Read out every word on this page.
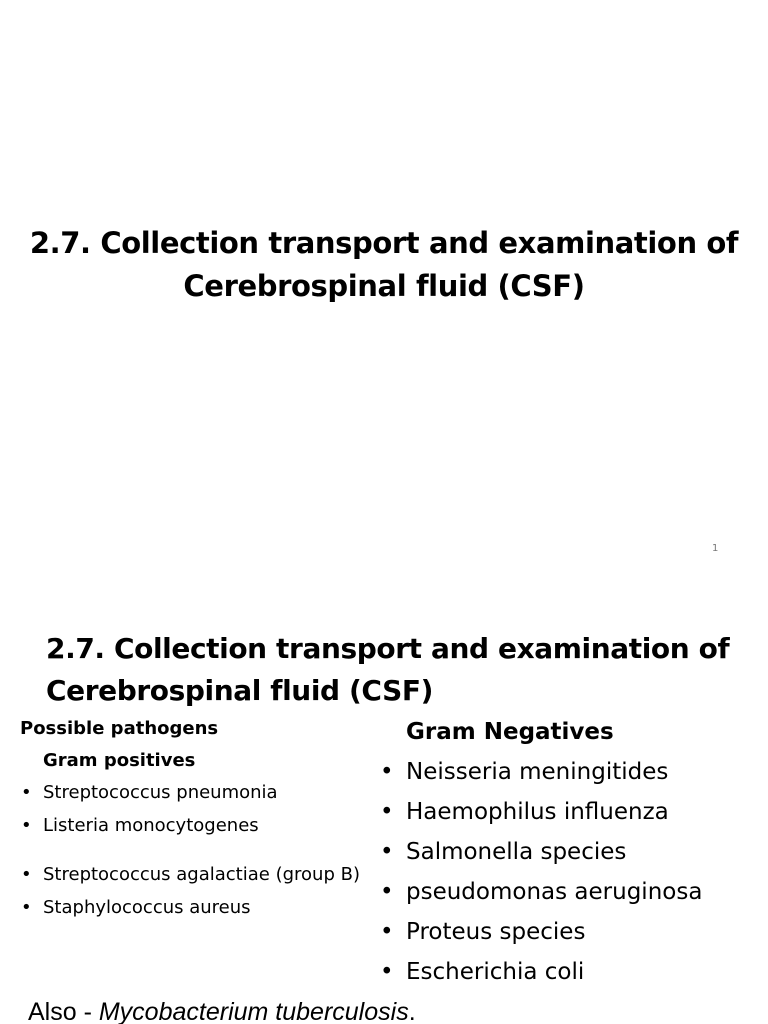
2.7. Collection transport and examination of Cerebrospinal fluid (CSF)
1
2.7. Collection transport and examination of Cerebrospinal fluid (CSF)
Possible pathogens
Gram positives
• Streptococcus pneumonia
• Listeria monocytogenes
• Streptococcus agalactiae (group B)
• Staphylococcus aureus
Gram Negatives
• Neisseria meningitides
• Haemophilus influenza
• Salmonella species
• pseudomonas aeruginosa
• Proteus species
• Escherichia coli
Also - Mycobacterium tuberculosis.
